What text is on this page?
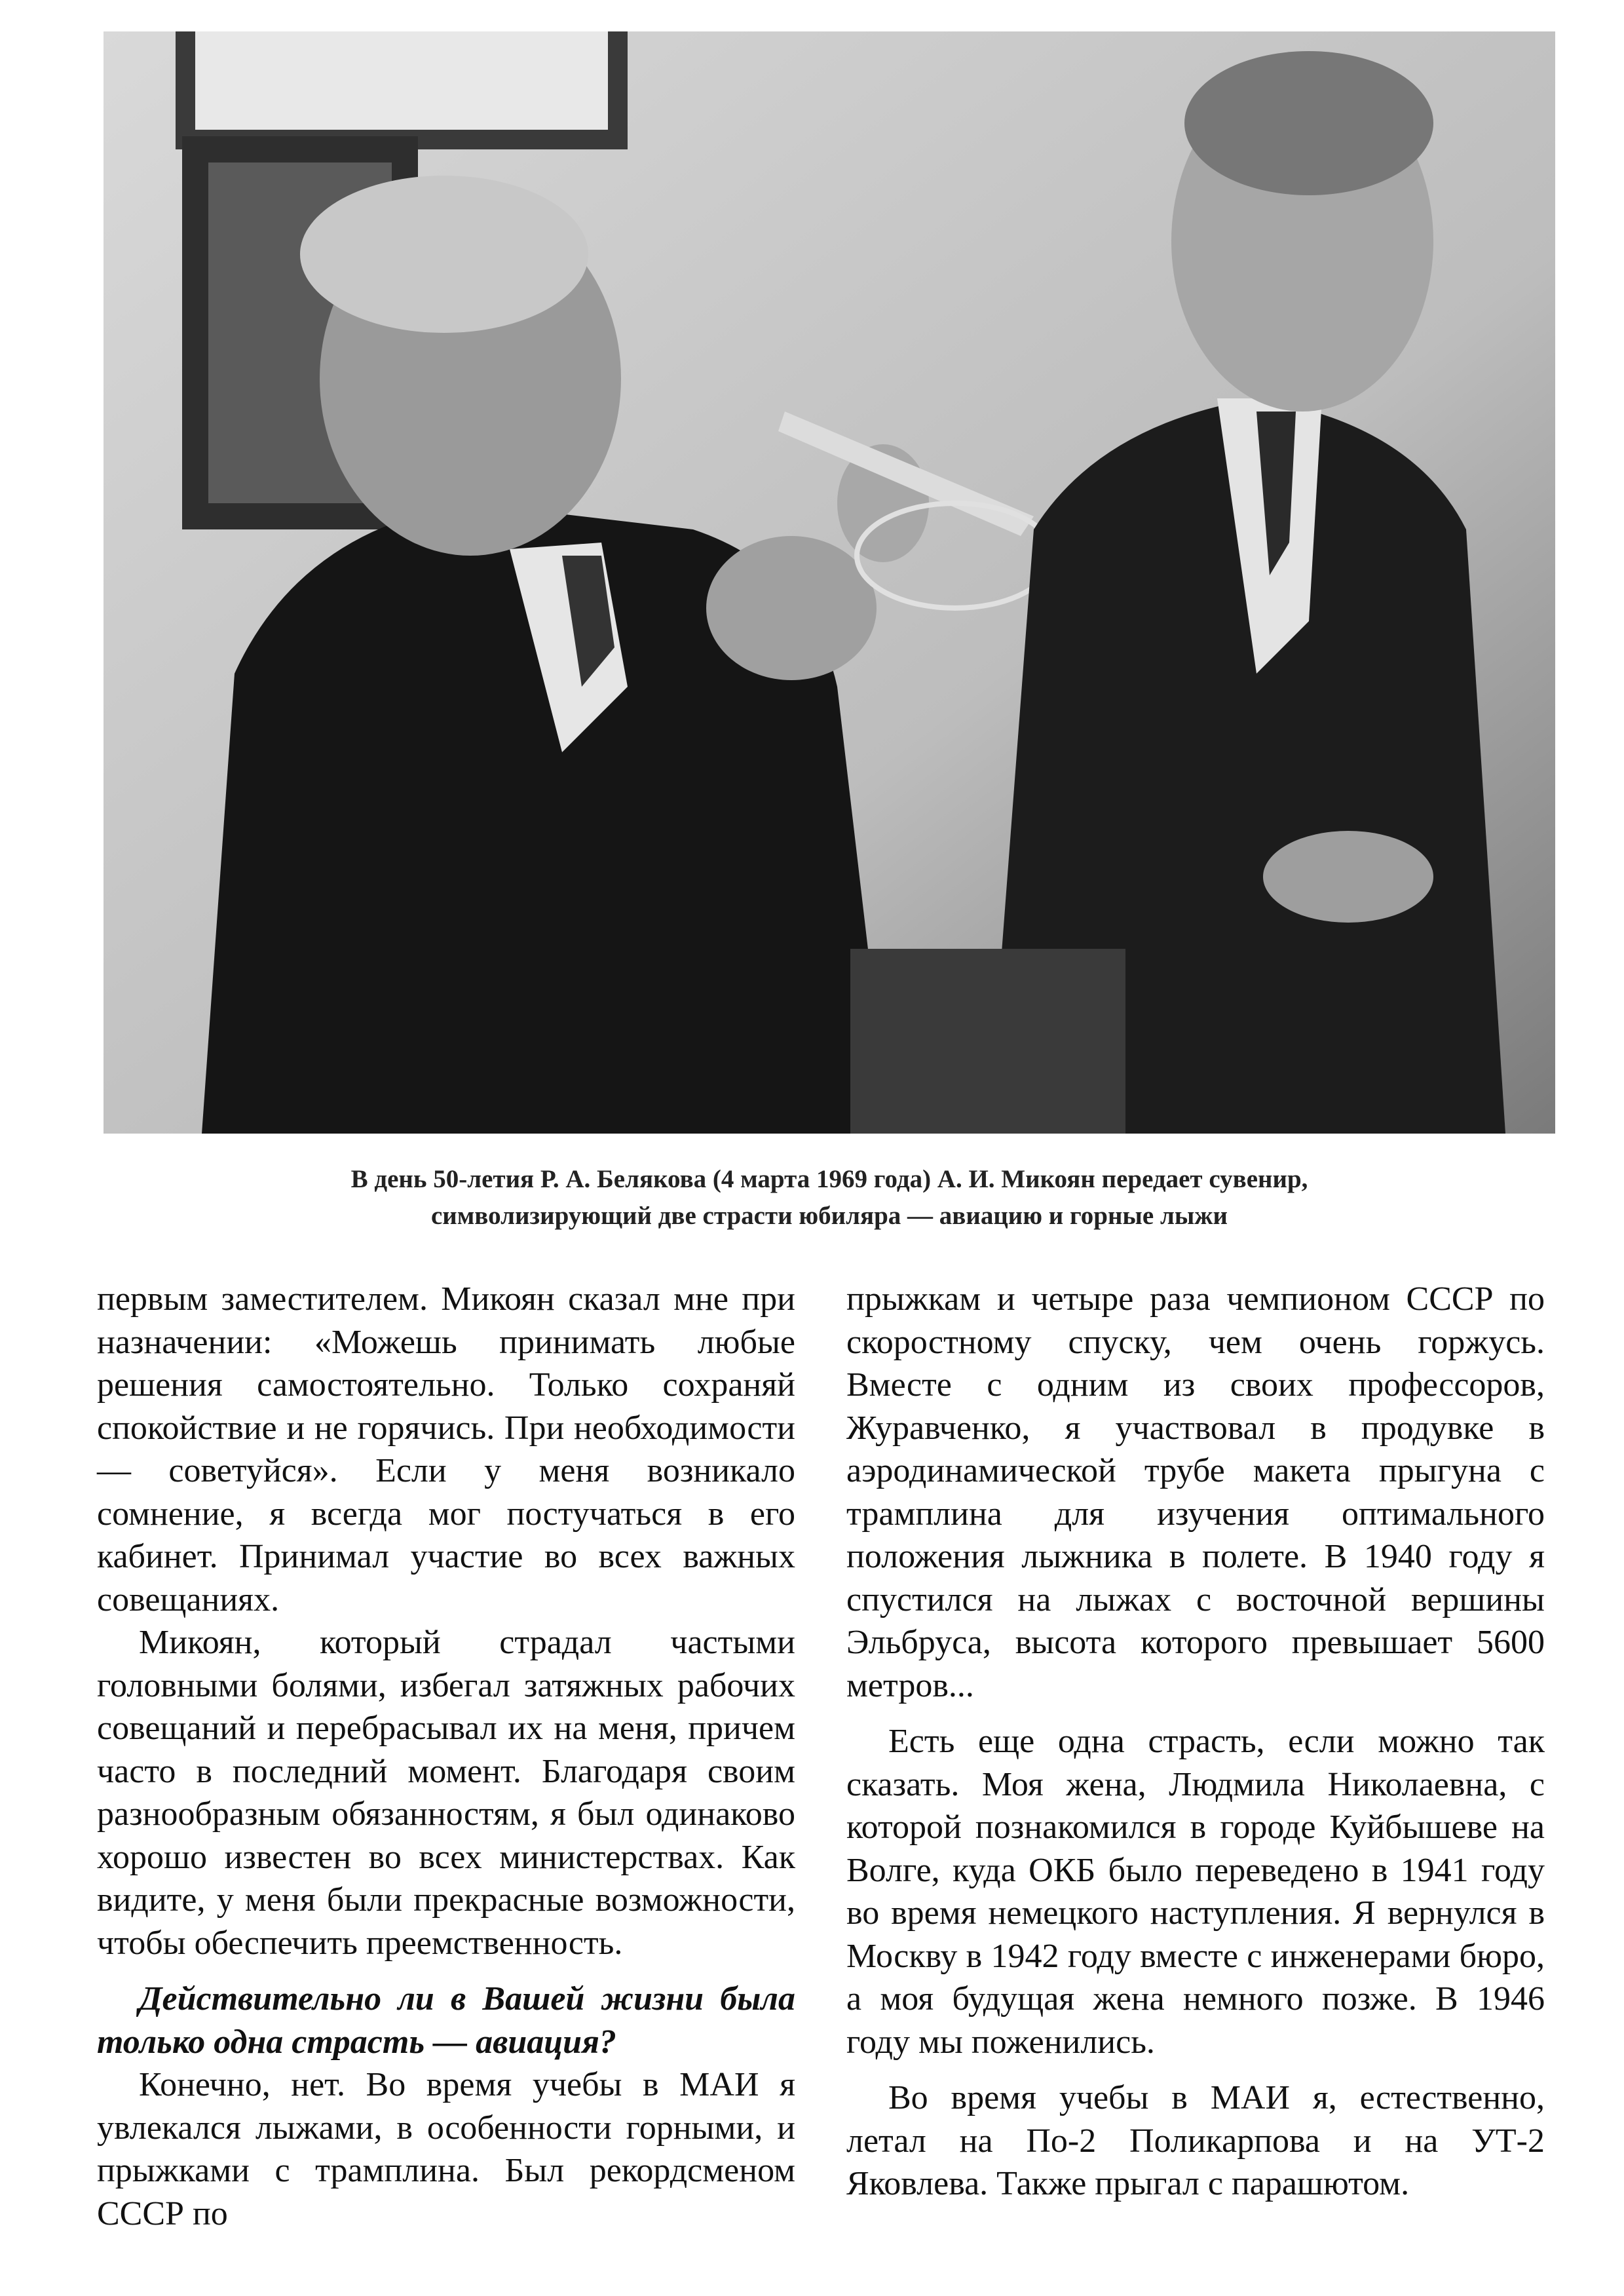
В день 50-летия Р. А. Белякова (4 марта 1969 года) А. И. Микоян передает сувенир,
символизирующий две страсти юбиляра — авиацию и горные лыжи

первым заместителем. Микоян сказал мне при назначении: «Можешь принимать любые решения самостоятельно. Только сохраняй спокойствие и не горячись. При необходимости — советуйся». Если у меня возникало сомнение, я всегда мог постучаться в его кабинет. Принимал участие во всех важных совещаниях.

Микоян, который страдал частыми головными болями, избегал затяжных рабочих совещаний и перебрасывал их на меня, причем часто в последний момент. Благодаря своим разнообразным обязанностям, я был одинаково хорошо известен во всех министерствах. Как видите, у меня были прекрасные возможности, чтобы обеспечить преемственность.

Действительно ли в Вашей жизни была только одна страсть — авиация?

Конечно, нет. Во время учебы в МАИ я увлекался лыжами, в особенности горными, и прыжками с трамплина. Был рекордсменом СССР по

прыжкам и четыре раза чемпионом СССР по скоростному спуску, чем очень горжусь. Вместе с одним из своих профессоров, Журавченко, я участвовал в продувке в аэродинамической трубе макета прыгуна с трамплина для изучения оптимального положения лыжника в полете. В 1940 году я спустился на лыжах с восточной вершины Эльбруса, высота которого превышает 5600 метров...

Есть еще одна страсть, если можно так сказать. Моя жена, Людмила Николаевна, с которой познакомился в городе Куйбышеве на Волге, куда ОКБ было переведено в 1941 году во время немецкого наступления. Я вернулся в Москву в 1942 году вместе с инженерами бюро, а моя будущая жена немного позже. В 1946 году мы поженились.

Во время учебы в МАИ я, естественно, летал на По-2 Поликарпова и на УТ-2 Яковлева. Также прыгал с парашютом.
